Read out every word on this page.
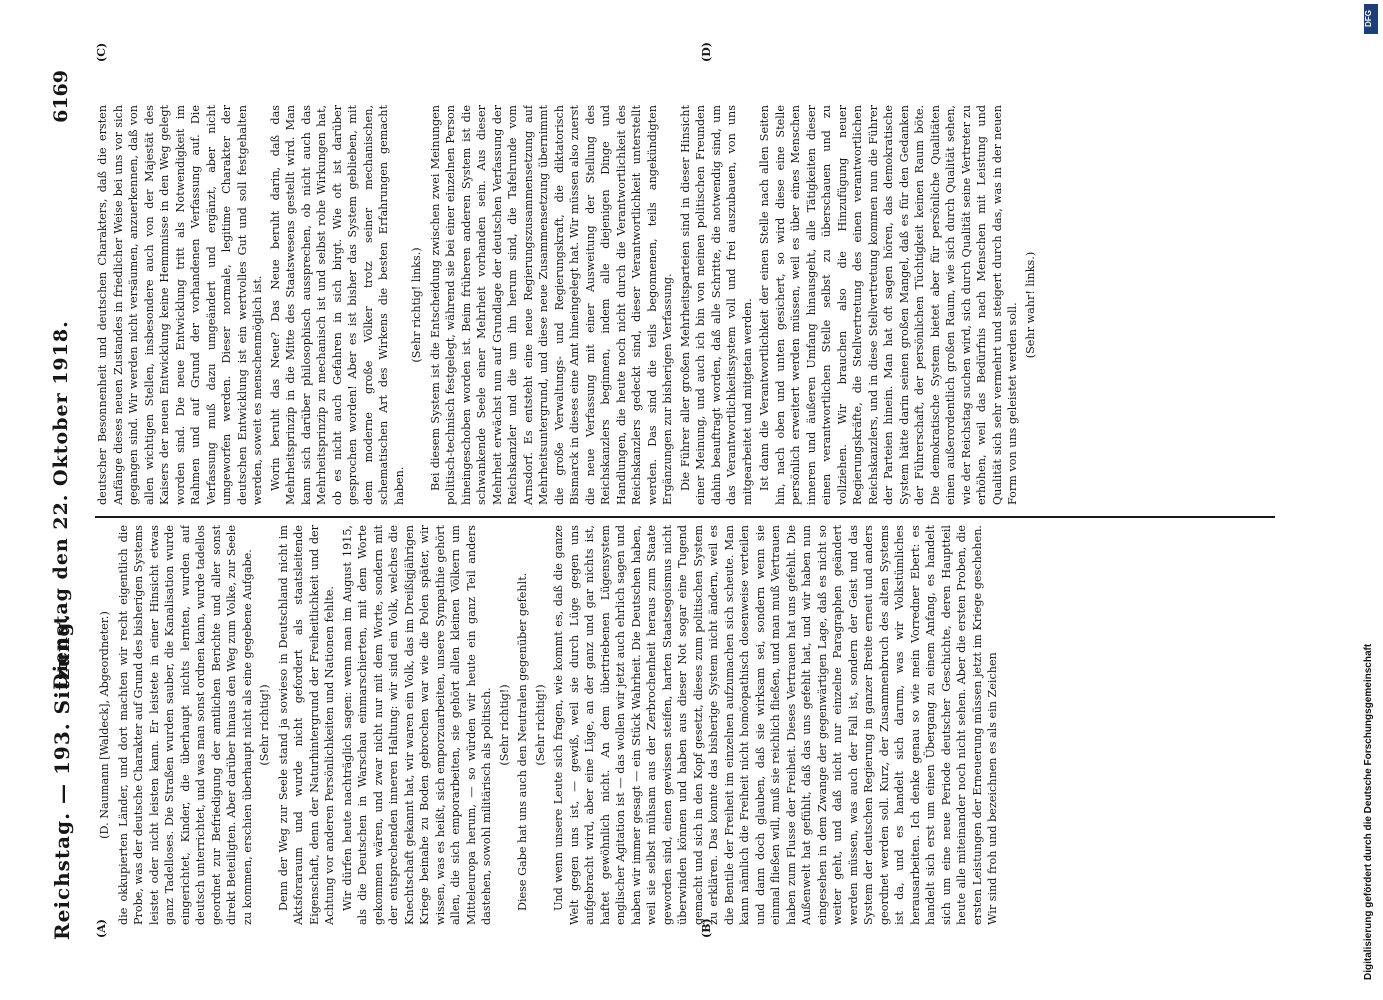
Reichstag. — 193. Sitzung.
Dienstag den 22. Oktober 1918.
6169
(A)	(B)
(C)	(D)

(D. Naumann [Waldeck], Abgeordneter.) die okkupierten Länder, und dort machten wir recht eigentlich die Probe, was der deutsche Charakter auf Grund des bisherigen Systems leistet oder nicht leisten kann. Er leistete in einer Hinsicht etwas ganz Tadelloses. Die Straßen wurden sauber, die Kanalisation wurde eingerichtet, Kinder, die überhaupt nichts lernten, wurden auf deutsch unterrichtet, und was man sonst ordnen kann, wurde tadellos geordnet zur Befriedigung der amtlichen Berichte und aller sonst direkt Beteiligten. Aber darüber hinaus den Weg zum Volke, zur Seele zu kommen, erschien überhaupt nicht als eine gegebene Aufgabe. (Sehr richtig!) Denn der Weg zur Seele stand ja sowieso in Deutschland nicht im Aktsforaraum und wurde nicht gefordert als staatsleitende Eigenschaft, denn der Naturhintergrund der Freiheitlichkeit und der Achtung vor anderen Persönlichkeiten und Nationen fehlte. Wir dürfen heute nachträglich sagen: wenn man im August 1915, als die Deutschen in Warschau einmarschierten, mit dem Worte gekommen wären, und zwar nicht nur mit dem Worte, sondern mit der entsprechenden inneren Haltung: wir sind ein Volk, welches die Knechtschaft gekannt hat, wir waren ein Volk, das im Dreißigjährigen Kriege beinahe zu Boden gebrochen war wie die Polen später, wir wissen, was es heißt, sich emporzuarbeiten, unsere Sympathie gehört allen, die sich emporarbeiten, sie gehört allen kleinen Völkern um Mitteleuropa herum, — so würden wir heute ein ganz Teil anders dastehen, sowohl militärisch als politisch. (Sehr richtig!) Diese Gabe hat uns auch den Neutralen gegenüber gefehlt. (Sehr richtig!) Und wenn unsere Leute sich fragen, wie kommt es, daß die ganze Welt gegen uns ist, — gewiß, weil sie durch Lüge gegen uns aufgebracht wird, aber eine Lüge, an der ganz und gar nichts ist, haftet gewöhnlich nicht. An dem übertriebenen Lügensystem englischer Agitation ist — das wollen wir jetzt auch ehrlich sagen und haben wir immer gesagt — ein Stück Wahrheit. Die Deutschen haben, weil sie selbst mühsam aus der Zerbrochenheit heraus zum Staate geworden sind, einen gewissen steifen, harten Staatsegoismus nicht überwinden können und haben aus dieser Not sogar eine Tugend gemacht und sich in den Kopf gesetzt, dieses zum politischen System zu erklären. Das konnte das bisherige System nicht ändern, weil es die Bentile der Freiheit im einzelnen aufzumachen sich scheute. Man kann nämlich die Freiheit nicht homöopathisch dosenweise verteilen und dann doch glauben, daß sie wirksam sei, sondern wenn sie einmal fließen will, muß sie reichlich fließen, und man muß Vertrauen haben zum Flusse der Freiheit. Dieses Vertrauen hat uns gefehlt. Die Außenwelt hat gefühlt, daß das uns gefehlt hat, und wir haben nun eingesehen in dem Zwange der gegenwärtigen Lage, daß es nicht so weiter geht, und daß nicht nur einzelne Paragraphen geändert werden müssen, was auch der Fall ist, sondern der Geist und das System der deutschen Regierung in ganzer Breite erneut und anders geordnet werden soll. Kurz, der Zusammenbruch des alten Systems ist da, und es handelt sich darum, was wir Volkstümliches herausarbeiten. Ich denke genau so wie mein Vorredner Ebert: es handelt sich erst um einen Übergang zu einem Anfang, es handelt sich um eine neue Periode deutscher Geschichte, deren Hauptteil heute alle miteinander noch nicht sehen. Aber die ersten Proben, die ersten Leistungen der Erneuerung müssen jetzt im Kriege geschehen. Wir sind froh und bezeichnen es als ein Zeichen

deutscher Besonnenheit und deutschen Charakters, daß die ersten Anfänge dieses neuen Zustandes in friedlicher Weise bei uns vor sich gegangen sind. Wir werden nicht versäumen, anzuerkennen, daß von allen wichtigen Stellen, insbesondere auch von der Majestät des Kaisers der neuen Entwicklung keine Hemmnisse in den Weg gelegt worden sind. Die neue Entwicklung tritt als Notwendigkeit im Rahmen und auf Grund der vorhandenen Verfassung auf. Die Verfassung muß dazu umgeändert und ergänzt, aber nicht umgeworfen werden. Dieser normale, legitime Charakter der deutschen Entwicklung ist ein wertvolles Gut und soll festgehalten werden, soweit es menschenmöglich ist. Worin beruht das Neue? Das Neue beruht darin, daß das Mehrheitsprinzip in die Mitte des Staatswesens gestellt wird. Man kann sich darüber philosophisch aussprechen, ob nicht auch das Mehrheitsprinzip zu mechanisch ist und selbst rohe Wirkungen hat, ob es nicht auch Gefahren in sich birgt. Wie oft ist darüber gesprochen worden! Aber es ist bisher das System geblieben, mit dem moderne große Völker trotz seiner mechanischen, schematischen Art des Wirkens die besten Erfahrungen gemacht haben.

(Sehr richtig! links.) Bei diesem System ist die Entscheidung zwischen zwei Meinungen politisch-technisch festgelegt, während sie bei einer einzelnen Person hineingeschoben worden ist. Beim früheren anderen System ist die schwankende Seele einer Mehrheit vorhanden sein. Aus dieser Mehrheit erwächst nun auf Grundlage der deutschen Verfassung der Reichskanzler und die um ihn herum sind, die Tafelrunde vom Arnsdorf. Es entsteht eine neue Regierungszusammensetzung auf Mehrheitsuntergrund, und diese neue Zusammensetzung übernimmt die große Verwaltungs- und Regierungskraft, die diktatorisch Bismarck in dieses eine Amt hineingelegt hat. Wir müssen also zuerst die neue Verfassung mit einer Ausweitung der Stellung des Reichskanzlers beginnen, indem alle diejenigen Dinge und Handlungen, die heute noch nicht durch die Verantwortlichkeit des Reichskanzlers gedeckt sind, dieser Verantwortlichkeit unterstellt werden. Das sind die teils begonnenen, teils angekündigten Ergänzungen zur bisherigen Verfassung. Die Führer aller großen Mehrheitsparteien sind in dieser Hinsicht einer Meinung, und auch ich bin von meinen politischen Freunden dahin beauftragt worden, daß alle Schritte, die notwendig sind, um das Verantwortlichkeitssystem voll und frei auszubauen, von uns mitgearbeitet und mitgetan werden. Ist dann die Verantwortlichkeit der einen Stelle nach allen Seiten hin, nach oben und unten gesichert, so wird diese eine Stelle persönlich erweitert werden müssen, weil es über eines Menschen inneren und äußeren Umfang hinausgeht, alle Tätigkeiten dieser einen verantwortlichen Stelle selbst zu überschauen und zu vollziehen. Wir brauchen also die Hinzufügung neuer Regierungskräfte, die Stellvertretung des einen verantwortlichen Reichskanzlers, und in diese Stellvertretung kommen nun die Führer der Parteien hinein. Man hat oft sagen hören, das demokratische System hätte darin seinen großen Mangel, daß es für den Gedanken der Führerschaft, der persönlichen Tüchtigkeit keinen Raum böte. Die demokratische System bietet aber für persönliche Qualitäten einen außerordentlich großen Raum, wie sich durch Qualität sehen, wie der Reichstag suchen wird, sich durch Qualität seine Vertreter zu erhöhen, weil das Bedürfnis nach Menschen mit Leistung und Qualität sich sehr vermehrt und steigert durch das, was in der neuen Form von uns geleistet werden soll. (Sehr wahr! links.)

DFG
Digitalisierung gefördert durch die Deutsche Forschungsgemeinschaft
